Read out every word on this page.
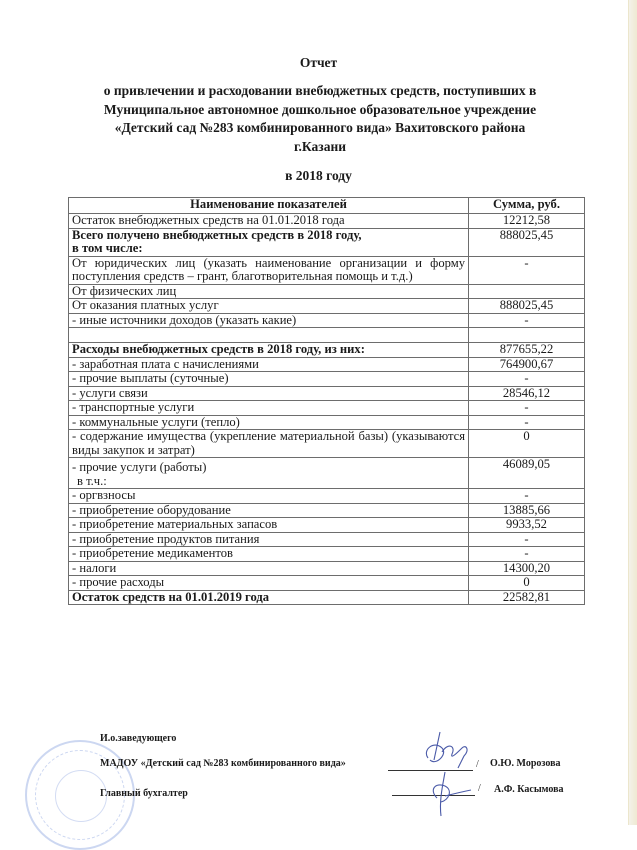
Отчет
о привлечении и расходовании внебюджетных средств, поступивших в
Муниципальное автономное дошкольное образовательное учреждение
«Детский сад №283 комбинированного вида» Вахитовского района
г.Казани
в 2018 году
Наименование показателей	Сумма, руб.
Остаток внебюджетных средств на 01.01.2018 года	12212,58

Всего получено внебюджетных средств в 2018 году,
в том числе:	888025,45
От юридических лиц (указать наименование организации и форму поступления средств – грант, благотворительная помощь и т.д.)	-
От физических лиц	
От оказания платных услуг	888025,45
- иные источники доходов (указать какие)	-

Расходы внебюджетных средств в 2018 году, из них:	877655,22
- заработная плата с начислениями	764900,67
- прочие выплаты (суточные)	-
- услуги связи	28546,12
- транспортные услуги	-
- коммунальные услуги (тепло)	-
- содержание имущества (укрепление материальной базы) (указываются виды закупок и затрат)	0

- прочие услуги (работы)
в т.ч.:	46089,05
- оргвзносы	-
- приобретение оборудование	13885,66
- приобретение материальных запасов	9933,52
- приобретение продуктов питания	-
- приобретение медикаментов	-
- налоги	14300,20
- прочие расходы	0
Остаток средств на 01.01.2019 года	22582,81
И.о.заведующего
МАДОУ «Детский сад №283 комбинированного вида»	/ О.Ю. Морозова
Главный бухгалтер	/ А.Ф. Касымова
